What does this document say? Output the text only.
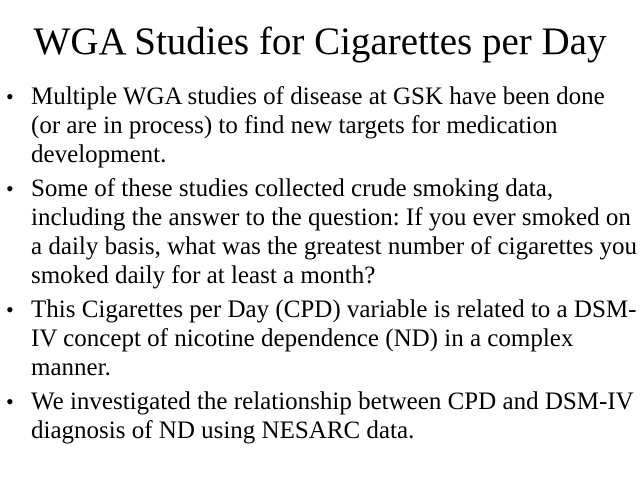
WGA Studies for Cigarettes per Day
• Multiple WGA studies of disease at GSK have been done
(or are in process) to find new targets for medication
development.
• Some of these studies collected crude smoking data,
including the answer to the question: If you ever smoked on
a daily basis, what was the greatest number of cigarettes you
smoked daily for at least a month?
• This Cigarettes per Day (CPD) variable is related to a DSM-
IV concept of nicotine dependence (ND) in a complex
manner.
• We investigated the relationship between CPD and DSM-IV
diagnosis of ND using NESARC data.
